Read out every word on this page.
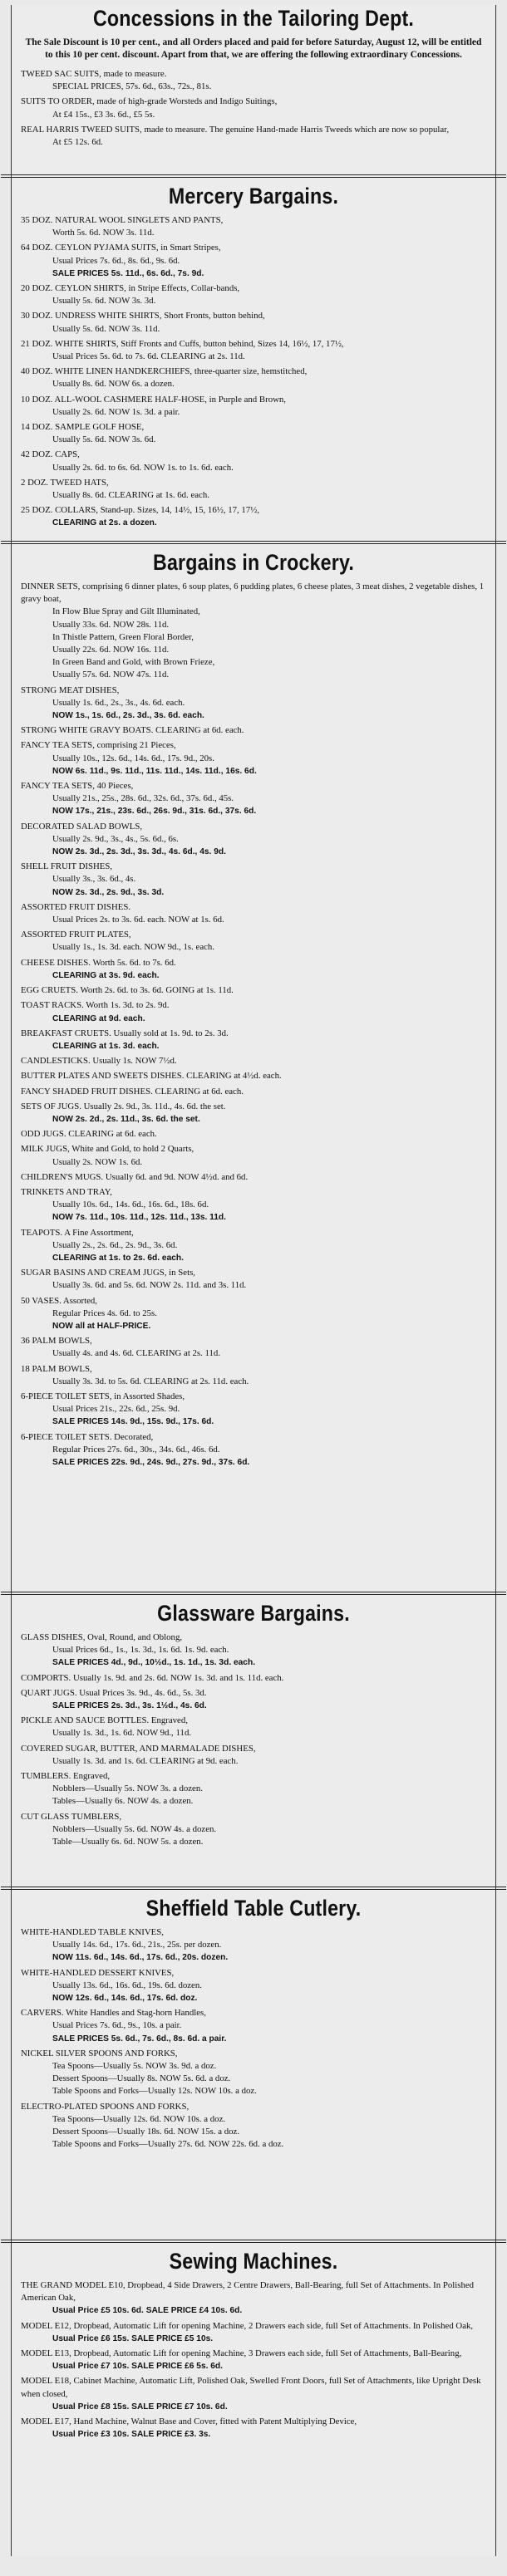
Concessions in the Tailoring Dept.
The Sale Discount is 10 per cent., and all Orders placed and paid for before Saturday, August 12, will be entitled to this 10 per cent. discount. Apart from that, we are offering the following extraordinary Concessions.
TWEED SAC SUITS, made to measure.
SPECIAL PRICES, 57s. 6d., 63s., 72s., 81s.
SUITS TO ORDER, made of high-grade Worsteds and Indigo Suitings,
At £4 15s., £3 3s. 6d., £5 5s.
REAL HARRIS TWEED SUITS, made to measure. The genuine Hand-made Harris Tweeds which are now so popular,
At £5 12s. 6d.
Mercery Bargains.
35 DOZ. NATURAL WOOL SINGLETS AND PANTS,
Worth 5s. 6d. NOW 3s. 11d.
64 DOZ. CEYLON PYJAMA SUITS, in Smart Stripes,
Usual Prices 7s. 6d., 8s. 6d., 9s. 6d.
SALE PRICES 5s. 11d., 6s. 6d., 7s. 9d.
20 DOZ. CEYLON SHIRTS, in Stripe Effects, Collar-bands,
Usually 5s. 6d. NOW 3s. 3d.
30 DOZ. UNDRESS WHITE SHIRTS, Short Fronts, button behind,
Usually 5s. 6d. NOW 3s. 11d.
21 DOZ. WHITE SHIRTS, Stiff Fronts and Cuffs, button behind, Sizes 14, 16½, 17, 17½,
Usual Prices 5s. 6d. to 7s. 6d. CLEARING at 2s. 11d.
40 DOZ. WHITE LINEN HANDKERCHIEFS, three-quarter size, hemstitched,
Usually 8s. 6d. NOW 6s. a dozen.
10 DOZ. ALL-WOOL CASHMERE HALF-HOSE, in Purple and Brown,
Usually 2s. 6d. NOW 1s. 3d. a pair.
14 DOZ. SAMPLE GOLF HOSE,
Usually 5s. 6d. NOW 3s. 6d.
42 DOZ. CAPS,
Usually 2s. 6d. to 6s. 6d. NOW 1s. to 1s. 6d. each.
2 DOZ. TWEED HATS,
Usually 8s. 6d. CLEARING at 1s. 6d. each.
25 DOZ. COLLARS, Stand-up. Sizes, 14, 14½, 15, 16½, 17, 17½,
CLEARING at 2s. a dozen.
Bargains in Crockery.
DINNER SETS, comprising 6 dinner plates, 6 soup plates, 6 pudding plates, 6 cheese plates, 3 meat dishes, 2 vegetable dishes, 1 gravy boat,
In Flow Blue Spray and Gilt Illuminated,
Usually 33s. 6d. NOW 28s. 11d.
In Thistle Pattern, Green Floral Border,
Usually 22s. 6d. NOW 16s. 11d.
In Green Band and Gold, with Brown Frieze,
Usually 57s. 6d. NOW 47s. 11d.
STRONG MEAT DISHES,
Usually 1s. 6d., 2s., 3s., 4s. 6d. each.
NOW 1s., 1s. 6d., 2s. 3d., 3s. 6d. each.
STRONG WHITE GRAVY BOATS. CLEARING at 6d. each.
FANCY TEA SETS, comprising 21 Pieces,
Usually 10s., 12s. 6d., 14s. 6d., 17s. 9d., 20s.
NOW 6s. 11d., 9s. 11d., 11s. 11d., 14s. 11d., 16s. 6d.
FANCY TEA SETS, 40 Pieces,
Usually 21s., 25s., 28s. 6d., 32s. 6d., 37s. 6d., 45s.
NOW 17s., 21s., 23s. 6d., 26s. 9d., 31s. 6d., 37s. 6d.
DECORATED SALAD BOWLS,
Usually 2s. 9d., 3s., 4s., 5s. 6d., 6s.
NOW 2s. 3d., 2s. 3d., 3s. 3d., 4s. 6d., 4s. 9d.
SHELL FRUIT DISHES,
Usually 3s., 3s. 6d., 4s.
NOW 2s. 3d., 2s. 9d., 3s. 3d.
ASSORTED FRUIT DISHES.
Usual Prices 2s. to 3s. 6d. each. NOW at 1s. 6d.
ASSORTED FRUIT PLATES,
Usually 1s., 1s. 3d. each. NOW 9d., 1s. each.
CHEESE DISHES. Worth 5s. 6d. to 7s. 6d.
CLEARING at 3s. 9d. each.
EGG CRUETS. Worth 2s. 6d. to 3s. 6d. GOING at 1s. 11d.
TOAST RACKS. Worth 1s. 3d. to 2s. 9d.
CLEARING at 9d. each.
BREAKFAST CRUETS. Usually sold at 1s. 9d. to 2s. 3d.
CLEARING at 1s. 3d. each.
CANDLESTICKS. Usually 1s. NOW 7½d.
BUTTER PLATES AND SWEETS DISHES. CLEARING at 4½d. each.
FANCY SHADED FRUIT DISHES. CLEARING at 6d. each.
SETS OF JUGS. Usually 2s. 9d., 3s. 11d., 4s. 6d. the set.
NOW 2s. 2d., 2s. 11d., 3s. 6d. the set.
ODD JUGS. CLEARING at 6d. each.
MILK JUGS, White and Gold, to hold 2 Quarts,
Usually 2s. NOW 1s. 6d.
CHILDREN'S MUGS. Usually 6d. and 9d. NOW 4½d. and 6d.
TRINKETS AND TRAY,
Usually 10s. 6d., 14s. 6d., 16s. 6d., 18s. 6d.
NOW 7s. 11d., 10s. 11d., 12s. 11d., 13s. 11d.
TEAPOTS. A Fine Assortment,
Usually 2s., 2s. 6d., 2s. 9d., 3s. 6d.
CLEARING at 1s. to 2s. 6d. each.
SUGAR BASINS AND CREAM JUGS, in Sets,
Usually 3s. 6d. and 5s. 6d. NOW 2s. 11d. and 3s. 11d.
50 VASES. Assorted,
Regular Prices 4s. 6d. to 25s.
NOW all at HALF-PRICE.
36 PALM BOWLS,
Usually 4s. and 4s. 6d. CLEARING at 2s. 11d.
18 PALM BOWLS,
Usually 3s. 3d. to 5s. 6d. CLEARING at 2s. 11d. each.
6-PIECE TOILET SETS, in Assorted Shades,
Usual Prices 21s., 22s. 6d., 25s. 9d.
SALE PRICES 14s. 9d., 15s. 9d., 17s. 6d.
6-PIECE TOILET SETS. Decorated,
Regular Prices 27s. 6d., 30s., 34s. 6d., 46s. 6d.
SALE PRICES 22s. 9d., 24s. 9d., 27s. 9d., 37s. 6d.
Glassware Bargains.
GLASS DISHES, Oval, Round, and Oblong,
Usual Prices 6d., 1s., 1s. 3d., 1s. 6d. 1s. 9d. each.
SALE PRICES 4d., 9d., 10½d., 1s. 1d., 1s. 3d. each.
COMPORTS. Usually 1s. 9d. and 2s. 6d. NOW 1s. 3d. and 1s. 11d. each.
QUART JUGS. Usual Prices 3s. 9d., 4s. 6d., 5s. 3d.
SALE PRICES 2s. 3d., 3s. 1½d., 4s. 6d.
PICKLE AND SAUCE BOTTLES. Engraved,
Usually 1s. 3d., 1s. 6d. NOW 9d., 11d.
COVERED SUGAR, BUTTER, AND MARMALADE DISHES,
Usually 1s. 3d. and 1s. 6d. CLEARING at 9d. each.
TUMBLERS. Engraved,
Nobblers—Usually 5s. NOW 3s. a dozen.
Tables—Usually 6s. NOW 4s. a dozen.
CUT GLASS TUMBLERS,
Nobblers—Usually 5s. 6d. NOW 4s. a dozen.
Table—Usually 6s. 6d. NOW 5s. a dozen.
Sheffield Table Cutlery.
WHITE-HANDLED TABLE KNIVES,
Usually 14s. 6d., 17s. 6d., 21s., 25s. per dozen.
NOW 11s. 6d., 14s. 6d., 17s. 6d., 20s. dozen.
WHITE-HANDLED DESSERT KNIVES,
Usually 13s. 6d., 16s. 6d., 19s. 6d. dozen.
NOW 12s. 6d., 14s. 6d., 17s. 6d. doz.
CARVERS. White Handles and Stag-horn Handles,
Usual Prices 7s. 6d., 9s., 10s. a pair.
SALE PRICES 5s. 6d., 7s. 6d., 8s. 6d. a pair.
NICKEL SILVER SPOONS AND FORKS,
Tea Spoons—Usually 5s. NOW 3s. 9d. a doz.
Dessert Spoons—Usually 8s. NOW 5s. 6d. a doz.
Table Spoons and Forks—Usually 12s. NOW 10s. a doz.
ELECTRO-PLATED SPOONS AND FORKS,
Tea Spoons—Usually 12s. 6d. NOW 10s. a doz.
Dessert Spoons—Usually 18s. 6d. NOW 15s. a doz.
Table Spoons and Forks—Usually 27s. 6d. NOW 22s. 6d. a doz.
Sewing Machines.
THE GRAND MODEL E10, Dropbead, 4 Side Drawers, 2 Centre Drawers, Ball-Bearing, full Set of Attachments. In Polished American Oak,
Usual Price £5 10s. 6d. SALE PRICE £4 10s. 6d.
MODEL E12, Dropbead, Automatic Lift for opening Machine, 2 Drawers each side, full Set of Attachments. In Polished Oak,
Usual Price £6 15s. SALE PRICE £5 10s.
MODEL E13, Dropbead, Automatic Lift for opening Machine, 3 Drawers each side, full Set of Attachments, Ball-Bearing,
Usual Price £7 10s. SALE PRICE £6 5s. 6d.
MODEL E18, Cabinet Machine, Automatic Lift, Polished Oak, Swelled Front Doors, full Set of Attachments, like Upright Desk when closed,
Usual Price £8 15s. SALE PRICE £7 10s. 6d.
MODEL E17, Hand Machine, Walnut Base and Cover, fitted with Patent Multiplying Device,
Usual Price £3 10s. SALE PRICE £3. 3s.
